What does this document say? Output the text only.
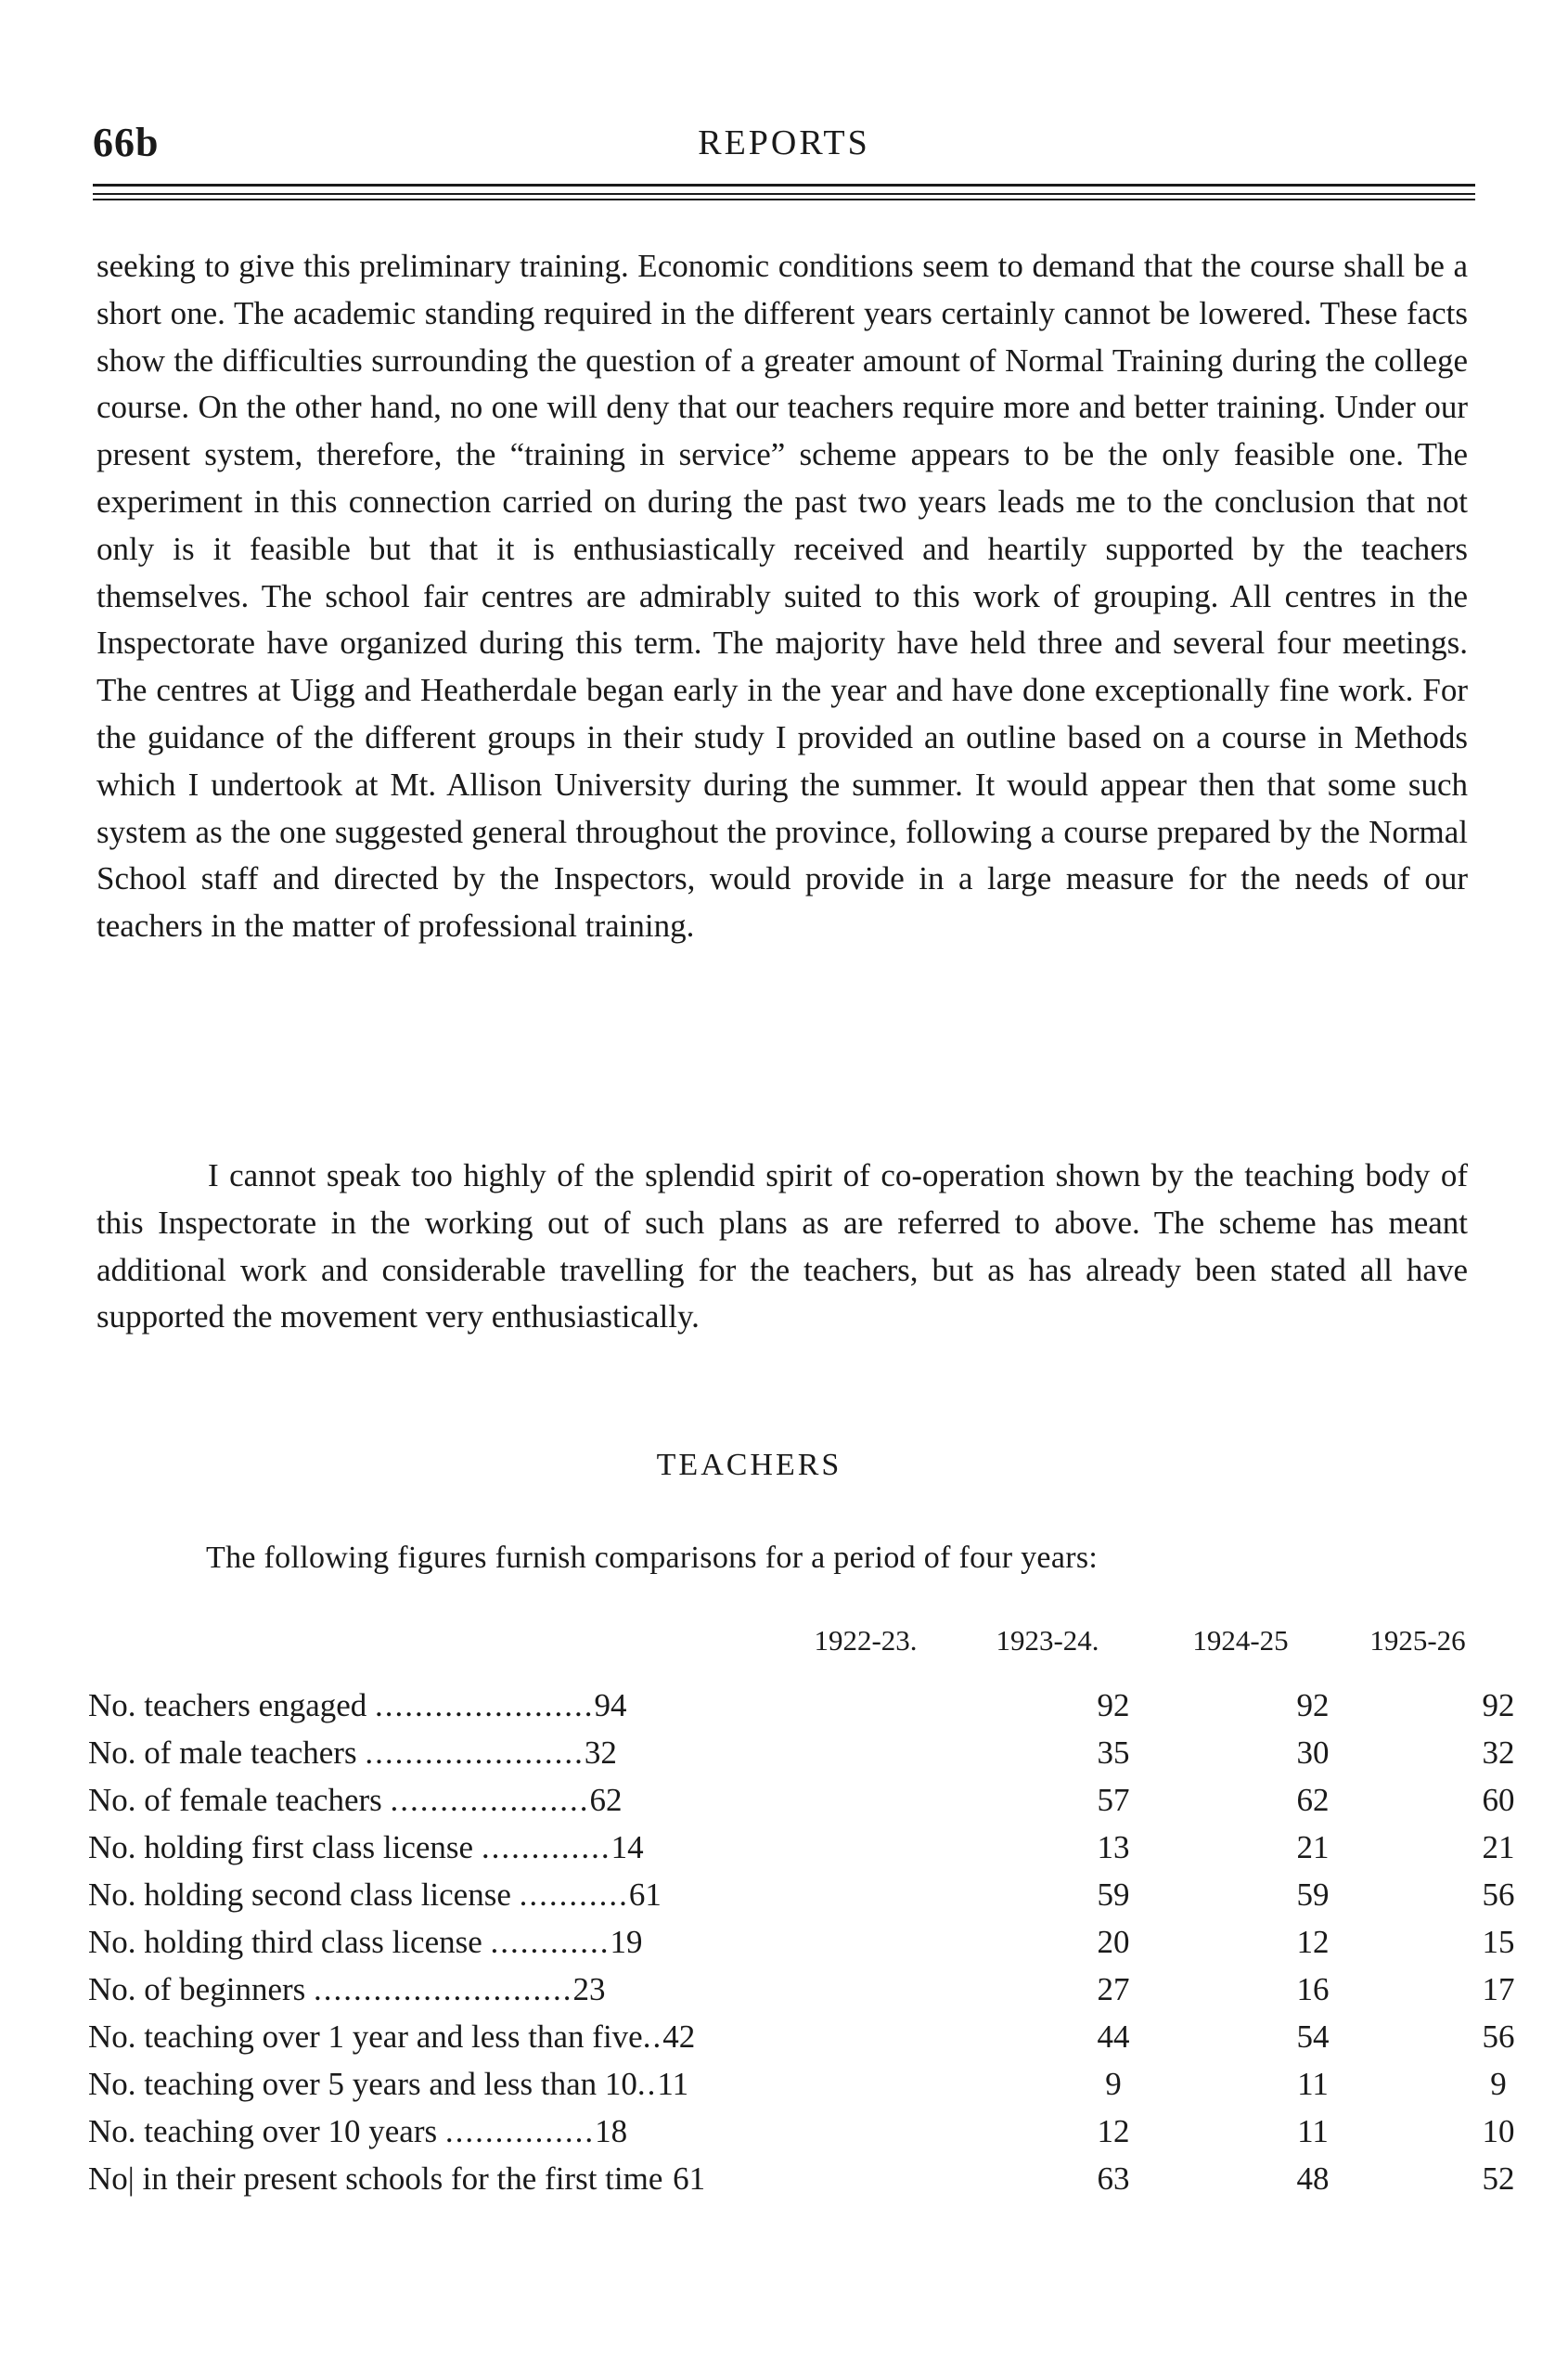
66b	REPORTS

seeking to give this preliminary training. Economic conditions seem to demand that the course shall be a short one. The academic standing required in the different years certainly cannot be lowered. These facts show the difficulties surrounding the question of a greater amount of Normal Training during the college course. On the other hand, no one will deny that our teachers require more and better training. Under our present system, therefore, the “training in service” scheme appears to be the only feasible one. The experiment in this connection carried on during the past two years leads me to the conclusion that not only is it feasible but that it is enthusiastically received and heartily supported by the teachers themselves. The school fair centres are admirably suited to this work of grouping. All centres in the Inspectorate have organized during this term. The majority have held three and several four meetings. The centres at Uigg and Heatherdale began early in the year and have done exceptionally fine work. For the guidance of the different groups in their study I provided an outline based on a course in Methods which I undertook at Mt. Allison University during the summer. It would appear then that some such system as the one suggested general throughout the province, following a course prepared by the Normal School staff and directed by the Inspectors, would provide in a large measure for the needs of our teachers in the matter of professional training.

I cannot speak too highly of the splendid spirit of co-operation shown by the teaching body of this Inspectorate in the working out of such plans as are referred to above. The scheme has meant additional work and considerable travelling for the teachers, but as has already been stated all have supported the movement very enthusiastically.

TEACHERS

The following figures furnish comparisons for a period of four years:

1922-23.	1923-24.	1924-25	1925-26
No. teachers engaged ......................94	92	92	92
No. of male teachers ......................32	35	30	32
No. of female teachers ....................62	57	62	60
No. holding first class license .............14	13	21	21
No. holding second class license ...........61	59	59	56
No. holding third class license ............19	20	12	15
No. of beginners ..........................23	27	16	17
No. teaching over 1 year and less than five..42	44	54	56
No. teaching over 5 years and less than 10..11	9	11	9
No. teaching over 10 years ...............18	12	11	10
No| in their present schools for the first time 61	63	48	52
